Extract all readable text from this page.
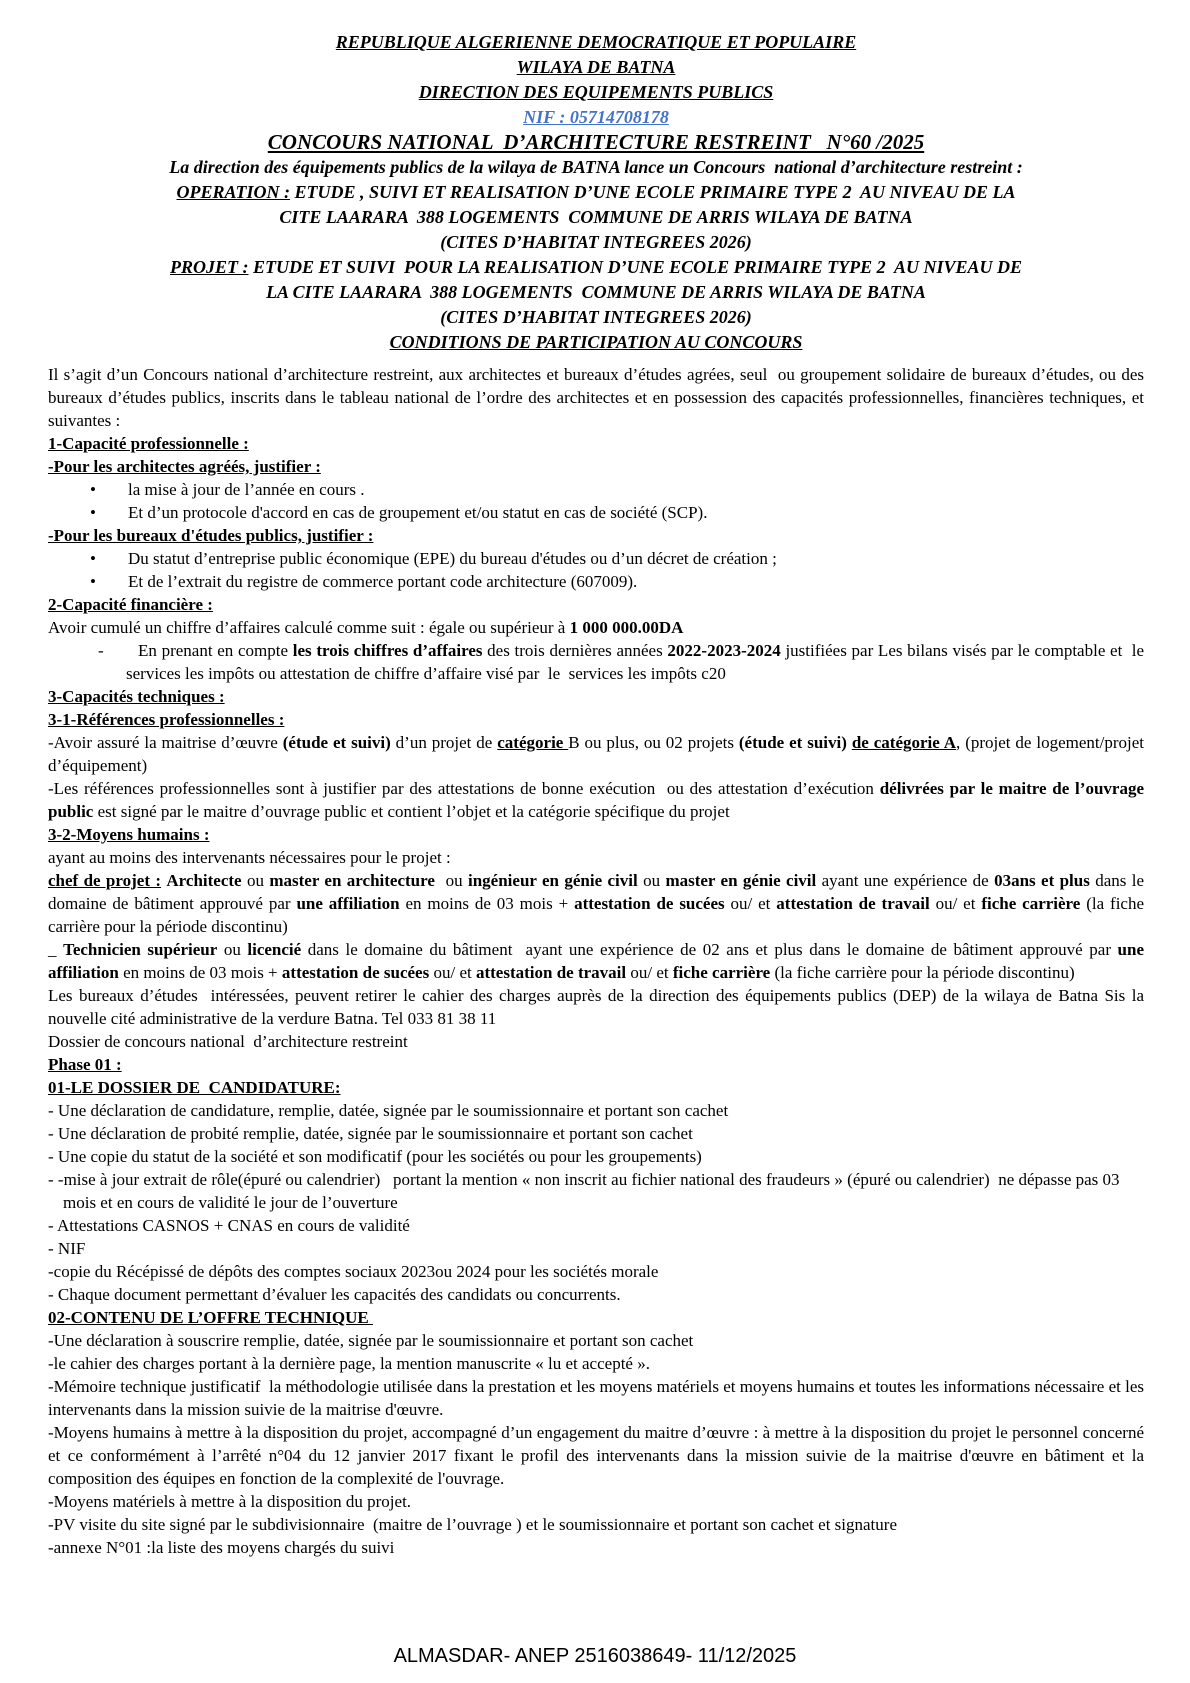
REPUBLIQUE ALGERIENNE DEMOCRATIQUE ET POPULAIRE
WILAYA DE BATNA
DIRECTION DES EQUIPEMENTS PUBLICS
NIF : 05714708178
CONCOURS NATIONAL  D’ARCHITECTURE RESTREINT   N°60 /2025
La direction des équipements publics de la wilaya de BATNA lance un Concours  national d’architecture restreint :
OPERATION : ETUDE , SUIVI ET REALISATION D’UNE ECOLE PRIMAIRE TYPE 2  AU NIVEAU DE LA
CITE LAARARA  388 LOGEMENTS  COMMUNE DE ARRIS WILAYA DE BATNA
(CITES D’HABITAT INTEGREES 2026)
PROJET : ETUDE ET SUIVI  POUR LA REALISATION D’UNE ECOLE PRIMAIRE TYPE 2  AU NIVEAU DE
LA CITE LAARARA  388 LOGEMENTS  COMMUNE DE ARRIS WILAYA DE BATNA
(CITES D’HABITAT INTEGREES 2026)
CONDITIONS DE PARTICIPATION AU CONCOURS
Il s’agit d’un Concours national d’architecture restreint, aux architectes et bureaux d’études agrées, seul  ou groupement solidaire de bureaux d’études, ou des bureaux d’études publics, inscrits dans le tableau national de l’ordre des architectes et en possession des capacités professionnelles, financières techniques, et suivantes :
1-Capacité professionnelle :
-Pour les architectes agréés, justifier :
• la mise à jour de l’année en cours .
• Et d’un protocole d'accord en cas de groupement et/ou statut en cas de société (SCP).
-Pour les bureaux d'études publics, justifier :
• Du statut d’entreprise public économique (EPE) du bureau d'études ou d’un décret de création ;
• Et de l’extrait du registre de commerce portant code architecture (607009).
2-Capacité financière :
Avoir cumulé un chiffre d’affaires calculé comme suit : égale ou supérieur à 1 000 000.00DA
- En prenant en compte les trois chiffres d’affaires des trois dernières années 2022-2023-2024 justifiées par Les bilans visés par le comptable et  le services les impôts ou attestation de chiffre d’affaire visé par  le  services les impôts c20
3-Capacités techniques :
3-1-Références professionnelles :
-Avoir assuré la maitrise d’œuvre (étude et suivi) d’un projet de catégorie B ou plus, ou 02 projets (étude et suivi) de catégorie A, (projet de logement/projet d’équipement)
-Les références professionnelles sont à justifier par des attestations de bonne exécution  ou des attestation d’exécution délivrées par le maitre de l’ouvrage public est signé par le maitre d’ouvrage public et contient l’objet et la catégorie spécifique du projet
3-2-Moyens humains :
ayant au moins des intervenants nécessaires pour le projet :
chef de projet : Architecte ou master en architecture  ou ingénieur en génie civil ou master en génie civil ayant une expérience de 03ans et plus dans le domaine de bâtiment approuvé par une affiliation en moins de 03 mois + attestation de sucées ou/ et attestation de travail ou/ et fiche carrière (la fiche carrière pour la période discontinu)
_ Technicien supérieur ou licencié dans le domaine du bâtiment  ayant une expérience de 02 ans et plus dans le domaine de bâtiment approuvé par une affiliation en moins de 03 mois + attestation de sucées ou/ et attestation de travail ou/ et fiche carrière (la fiche carrière pour la période discontinu)
Les bureaux d’études  intéressées, peuvent retirer le cahier des charges auprès de la direction des équipements publics (DEP) de la wilaya de Batna Sis la nouvelle cité administrative de la verdure Batna. Tel 033 81 38 11
Dossier de concours national  d’architecture restreint
Phase 01 :
01-LE DOSSIER DE  CANDIDATURE:
- Une déclaration de candidature, remplie, datée, signée par le soumissionnaire et portant son cachet
- Une déclaration de probité remplie, datée, signée par le soumissionnaire et portant son cachet
- Une copie du statut de la société et son modificatif (pour les sociétés ou pour les groupements)
- -mise à jour extrait de rôle(épuré ou calendrier)   portant la mention « non inscrit au fichier national des fraudeurs » (épuré ou calendrier)  ne dépasse pas 03 mois et en cours de validité le jour de l’ouverture
- Attestations CASNOS + CNAS en cours de validité
- NIF
-copie du Récépissé de dépôts des comptes sociaux 2023ou 2024 pour les sociétés morale
- Chaque document permettant d’évaluer les capacités des candidats ou concurrents.
02-CONTENU DE L’OFFRE TECHNIQUE
-Une déclaration à souscrire remplie, datée, signée par le soumissionnaire et portant son cachet
-le cahier des charges portant à la dernière page, la mention manuscrite « lu et accepté ».
-Mémoire technique justificatif  la méthodologie utilisée dans la prestation et les moyens matériels et moyens humains et toutes les informations nécessaire et les intervenants dans la mission suivie de la maitrise d'œuvre.
-Moyens humains à mettre à la disposition du projet, accompagné d’un engagement du maitre d’œuvre : à mettre à la disposition du projet le personnel concerné et ce conformément à l’arrêté n°04 du 12 janvier 2017 fixant le profil des intervenants dans la mission suivie de la maitrise d'œuvre en bâtiment et la composition des équipes en fonction de la complexité de l'ouvrage.
-Moyens matériels à mettre à la disposition du projet.
-PV visite du site signé par le subdivisionnaire  (maitre de l’ouvrage ) et le soumissionnaire et portant son cachet et signature
-annexe N°01 :la liste des moyens chargés du suivi
ALMASDAR- ANEP 2516038649- 11/12/2025
